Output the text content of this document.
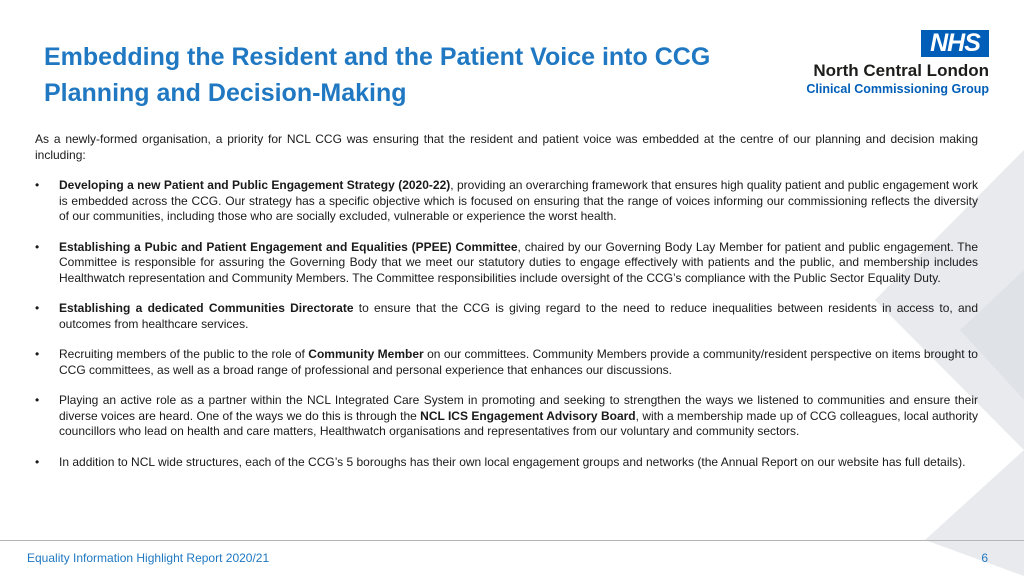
Embedding the Resident and the Patient Voice into CCG Planning and Decision-Making
NHS
North Central London
Clinical Commissioning Group

As a newly-formed organisation, a priority for NCL CCG was ensuring that the resident and patient voice was embedded at the centre of our planning and decision making including:

• Developing a new Patient and Public Engagement Strategy (2020-22), providing an overarching framework that ensures high quality patient and public engagement work is embedded across the CCG. Our strategy has a specific objective which is focused on ensuring that the range of voices informing our commissioning reflects the diversity of our communities, including those who are socially excluded, vulnerable or experience the worst health.
• Establishing a Pubic and Patient Engagement and Equalities (PPEE) Committee, chaired by our Governing Body Lay Member for patient and public engagement. The Committee is responsible for assuring the Governing Body that we meet our statutory duties to engage effectively with patients and the public, and membership includes Healthwatch representation and Community Members. The Committee responsibilities include oversight of the CCG’s compliance with the Public Sector Equality Duty.
• Establishing a dedicated Communities Directorate to ensure that the CCG is giving regard to the need to reduce inequalities between residents in access to, and outcomes from healthcare services.
• Recruiting members of the public to the role of Community Member on our committees. Community Members provide a community/resident perspective on items brought to CCG committees, as well as a broad range of professional and personal experience that enhances our discussions.
• Playing an active role as a partner within the NCL Integrated Care System in promoting and seeking to strengthen the ways we listened to communities and ensure their diverse voices are heard. One of the ways we do this is through the NCL ICS Engagement Advisory Board, with a membership made up of CCG colleagues, local authority councillors who lead on health and care matters, Healthwatch organisations and representatives from our voluntary and community sectors.
• In addition to NCL wide structures, each of the CCG’s 5 boroughs has their own local engagement groups and networks (the Annual Report on our website has full details).
Equality Information Highlight Report 2020/21	6
